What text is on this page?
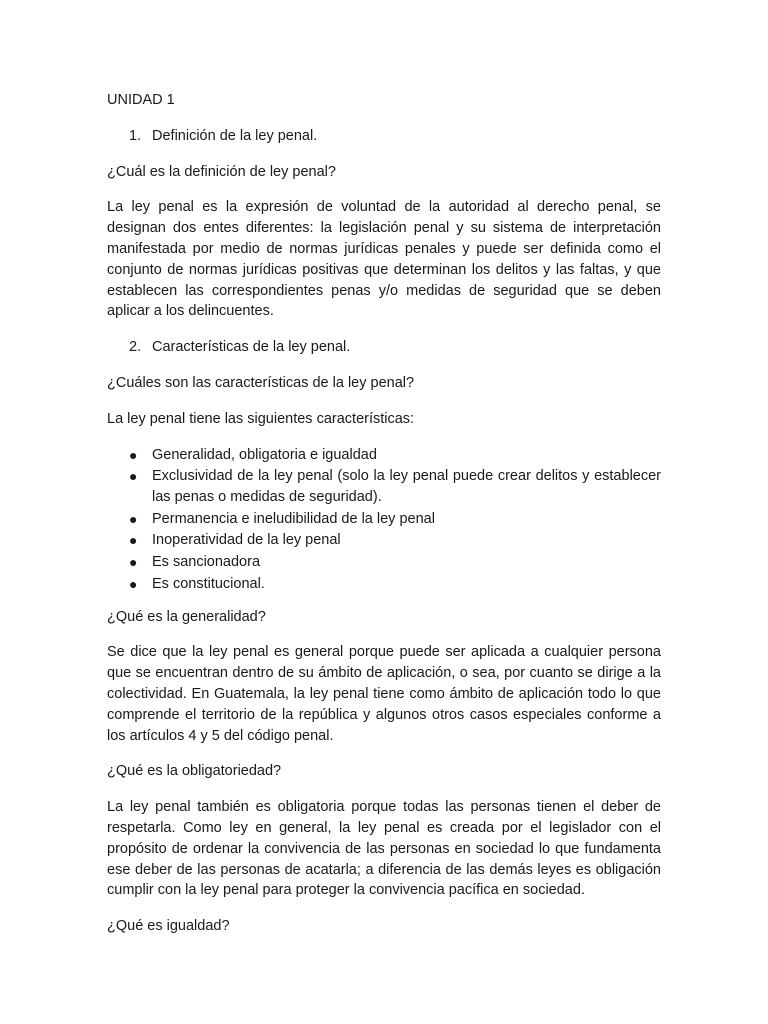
UNIDAD 1

1. Definición de la ley penal.

¿Cuál es la definición de ley penal?

La ley penal es la expresión de voluntad de la autoridad al derecho penal, se designan dos entes diferentes: la legislación penal y su sistema de interpretación manifestada por medio de normas jurídicas penales y puede ser definida como el conjunto de normas jurídicas positivas que determinan los delitos y las faltas, y que establecen las correspondientes penas y/o medidas de seguridad que se deben aplicar a los delincuentes.

2. Características de la ley penal.

¿Cuáles son las características de la ley penal?

La ley penal tiene las siguientes características:

●	Generalidad, obligatoria e igualdad
●	Exclusividad de la ley penal (solo la ley penal puede crear delitos y establecer las penas o medidas de seguridad).
●	Permanencia e ineludibilidad de la ley penal
●	Inoperatividad de la ley penal
●	Es sancionadora
●	Es constitucional.

¿Qué es la generalidad?

Se dice que la ley penal es general porque puede ser aplicada a cualquier persona que se encuentran dentro de su ámbito de aplicación, o sea, por cuanto se dirige a la colectividad. En Guatemala, la ley penal tiene como ámbito de aplicación todo lo que comprende el territorio de la república y algunos otros casos especiales conforme a los artículos 4 y 5 del código penal.

¿Qué es la obligatoriedad?

La ley penal también es obligatoria porque todas las personas tienen el deber de respetarla. Como ley en general, la ley penal es creada por el legislador con el propósito de ordenar la convivencia de las personas en sociedad lo que fundamenta ese deber de las personas de acatarla; a diferencia de las demás leyes es obligación cumplir con la ley penal para proteger la convivencia pacífica en sociedad.

¿Qué es igualdad?
